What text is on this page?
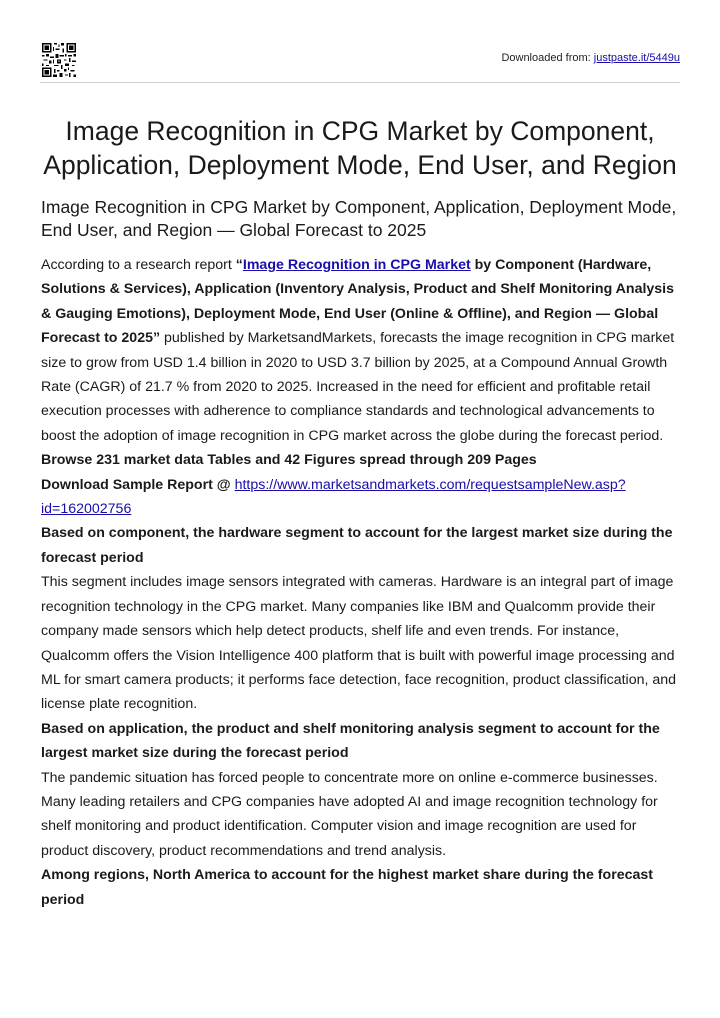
Downloaded from: justpaste.it/5449u
Image Recognition in CPG Market by Component, Application, Deployment Mode, End User, and Region
Image Recognition in CPG Market by Component, Application, Deployment Mode, End User, and Region — Global Forecast to 2025

According to a research report “Image Recognition in CPG Market by Component (Hardware, Solutions & Services), Application (Inventory Analysis, Product and Shelf Monitoring Analysis & Gauging Emotions), Deployment Mode, End User (Online & Offline), and Region — Global Forecast to 2025” published by MarketsandMarkets, forecasts the image recognition in CPG market size to grow from USD 1.4 billion in 2020 to USD 3.7 billion by 2025, at a Compound Annual Growth Rate (CAGR) of 21.7 % from 2020 to 2025. Increased in the need for efficient and profitable retail execution processes with adherence to compliance standards and technological advancements to boost the adoption of image recognition in CPG market across the globe during the forecast period.

Browse 231 market data Tables and 42 Figures spread through 209 Pages

Download Sample Report @ https://www.marketsandmarkets.com/requestsampleNew.asp?id=162002756

Based on component, the hardware segment to account for the largest market size during the forecast period

This segment includes image sensors integrated with cameras. Hardware is an integral part of image recognition technology in the CPG market. Many companies like IBM and Qualcomm provide their company made sensors which help detect products, shelf life and even trends. For instance, Qualcomm offers the Vision Intelligence 400 platform that is built with powerful image processing and ML for smart camera products; it performs face detection, face recognition, product classification, and license plate recognition.

Based on application, the product and shelf monitoring analysis segment to account for the largest market size during the forecast period

The pandemic situation has forced people to concentrate more on online e-commerce businesses. Many leading retailers and CPG companies have adopted AI and image recognition technology for shelf monitoring and product identification. Computer vision and image recognition are used for product discovery, product recommendations and trend analysis.

Among regions, North America to account for the highest market share during the forecast period
